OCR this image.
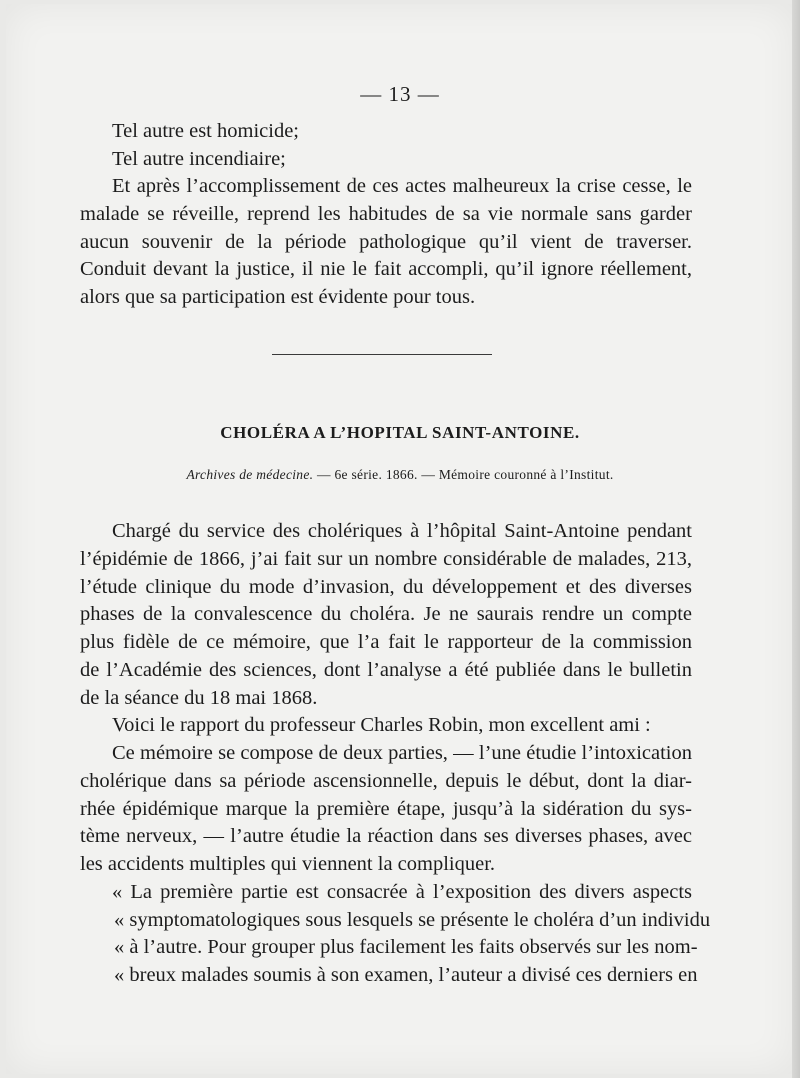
— 13 —
Tel autre est homicide;
Tel autre incendiaire;
Et après l’accomplissement de ces actes malheureux la crise cesse, le
malade se réveille, reprend les habitudes de sa vie normale sans garder
aucun souvenir de la période pathologique qu’il vient de traverser.
Conduit devant la justice, il nie le fait accompli, qu’il ignore réellement,
alors que sa participation est évidente pour tous.
CHOLÉRA A L’HOPITAL SAINT-ANTOINE.
Archives de médecine. — 6e série. 1866. — Mémoire couronné à l’Institut.
Chargé du service des cholériques à l’hôpital Saint-Antoine pendant
l’épidémie de 1866, j’ai fait sur un nombre considérable de malades, 213,
l’étude clinique du mode d’invasion, du développement et des diverses
phases de la convalescence du choléra. Je ne saurais rendre un compte
plus fidèle de ce mémoire, que l’a fait le rapporteur de la commission
de l’Académie des sciences, dont l’analyse a été publiée dans le bulletin
de la séance du 18 mai 1868.
Voici le rapport du professeur Charles Robin, mon excellent ami :
Ce mémoire se compose de deux parties, — l’une étudie l’intoxication
cholérique dans sa période ascensionnelle, depuis le début, dont la diar-
rhée épidémique marque la première étape, jusqu’à la sidération du sys-
tème nerveux, — l’autre étudie la réaction dans ses diverses phases, avec
les accidents multiples qui viennent la compliquer.
« La première partie est consacrée à l’exposition des divers aspects
« symptomatologiques sous lesquels se présente le choléra d’un individu
« à l’autre. Pour grouper plus facilement les faits observés sur les nom-
« breux malades soumis à son examen, l’auteur a divisé ces derniers en
